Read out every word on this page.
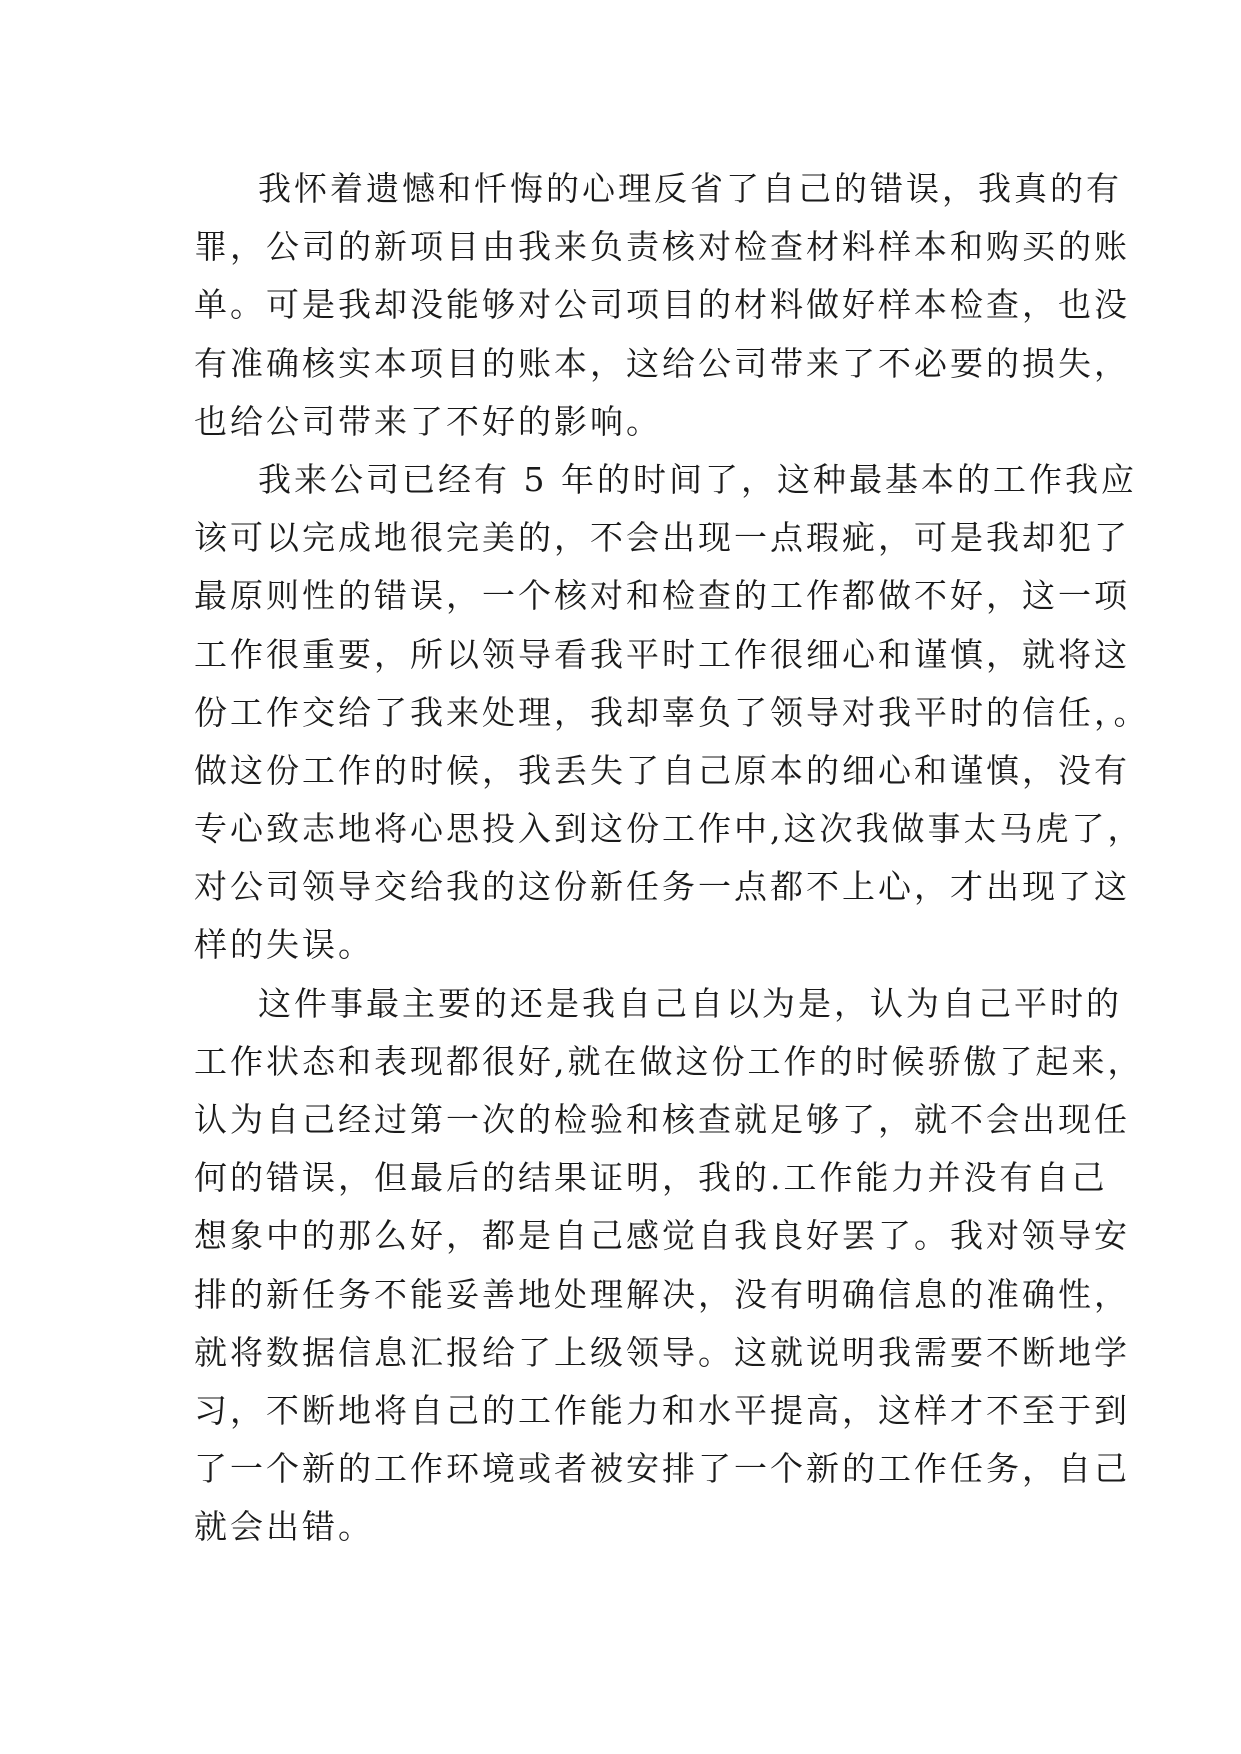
我怀着遗憾和忏悔的心理反省了自己的错误，我真的有
罪，公司的新项目由我来负责核对检查材料样本和购买的账
单。可是我却没能够对公司项目的材料做好样本检查，也没
有准确核实本项目的账本，这给公司带来了不必要的损失，
也给公司带来了不好的影响。
我来公司已经有 5 年的时间了，这种最基本的工作我应
该可以完成地很完美的，不会出现一点瑕疵，可是我却犯了
最原则性的错误，一个核对和检查的工作都做不好，这一项
工作很重要，所以领导看我平时工作很细心和谨慎，就将这
份工作交给了我来处理，我却辜负了领导对我平时的信任，。
做这份工作的时候，我丢失了自己原本的细心和谨慎，没有
专心致志地将心思投入到这份工作中,这次我做事太马虎了，
对公司领导交给我的这份新任务一点都不上心，才出现了这
样的失误。
这件事最主要的还是我自己自以为是，认为自己平时的
工作状态和表现都很好,就在做这份工作的时候骄傲了起来，
认为自己经过第一次的检验和核查就足够了，就不会出现任
何的错误，但最后的结果证明，我的.工作能力并没有自己
想象中的那么好，都是自己感觉自我良好罢了。我对领导安
排的新任务不能妥善地处理解决，没有明确信息的准确性，
就将数据信息汇报给了上级领导。这就说明我需要不断地学
习，不断地将自己的工作能力和水平提高，这样才不至于到
了一个新的工作环境或者被安排了一个新的工作任务，自己
就会出错。
